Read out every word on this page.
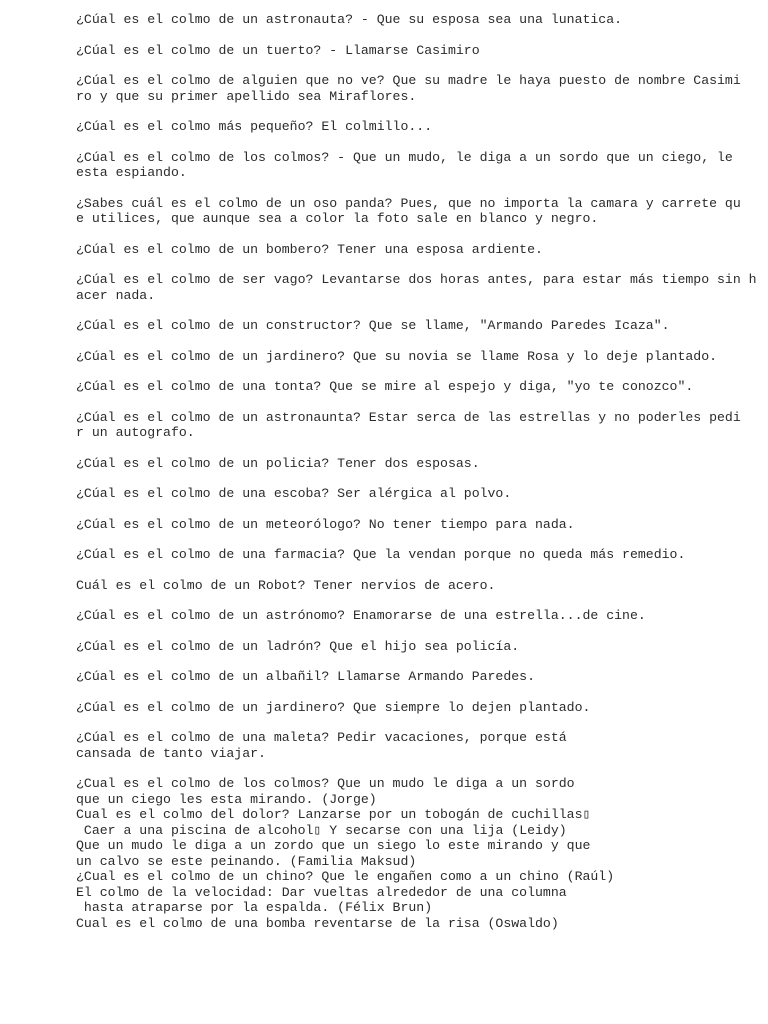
¿Cúal es el colmo de un astronauta? - Que su esposa sea una lunatica.

¿Cúal es el colmo de un tuerto? - Llamarse Casimiro

¿Cúal es el colmo de alguien que no ve? Que su madre le haya puesto de nombre Casimi
ro y que su primer apellido sea Miraflores.

¿Cúal es el colmo más pequeño? El colmillo...

¿Cúal es el colmo de los colmos? - Que un mudo, le diga a un sordo que un ciego, le
esta espiando.

¿Sabes cuál es el colmo de un oso panda? Pues, que no importa la camara y carrete qu
e utilices, que aunque sea a color la foto sale en blanco y negro.

¿Cúal es el colmo de un bombero? Tener una esposa ardiente.

¿Cúal es el colmo de ser vago? Levantarse dos horas antes, para estar más tiempo sin h
acer nada.

¿Cúal es el colmo de un constructor? Que se llame, "Armando Paredes Icaza".

¿Cúal es el colmo de un jardinero? Que su novia se llame Rosa y lo deje plantado.

¿Cúal es el colmo de una tonta? Que se mire al espejo y diga, "yo te conozco".

¿Cúal es el colmo de un astronaunta? Estar serca de las estrellas y no poderles pedi
r un autografo.

¿Cúal es el colmo de un policia? Tener dos esposas.

¿Cúal es el colmo de una escoba? Ser alérgica al polvo.

¿Cúal es el colmo de un meteorólogo? No tener tiempo para nada.

¿Cúal es el colmo de una farmacia? Que la vendan porque no queda más remedio.

Cuál es el colmo de un Robot? Tener nervios de acero.

¿Cúal es el colmo de un astrónomo? Enamorarse de una estrella...de cine.

¿Cúal es el colmo de un ladrón? Que el hijo sea policía.

¿Cúal es el colmo de un albañil? Llamarse Armando Paredes.

¿Cúal es el colmo de un jardinero? Que siempre lo dejen plantado.

¿Cúal es el colmo de una maleta? Pedir vacaciones, porque está
cansada de tanto viajar.

¿Cual es el colmo de los colmos? Que un mudo le diga a un sordo

que un ciego les esta mirando. (Jorge)

Cual es el colmo del dolor? Lanzarse por un tobogán de cuchillas▯

Caer a una piscina de alcohol▯ Y secarse con una lija (Leidy)

Que un mudo le diga a un zordo que un siego lo este mirando y que

un calvo se este peinando. (Familia Maksud)

¿Cual es el colmo de un chino? Que le engañen como a un chino (Raúl)

El colmo de la velocidad: Dar vueltas alrededor de una columna

hasta atraparse por la espalda. (Félix Brun)

Cual es el colmo de una bomba reventarse de la risa (Oswaldo)
